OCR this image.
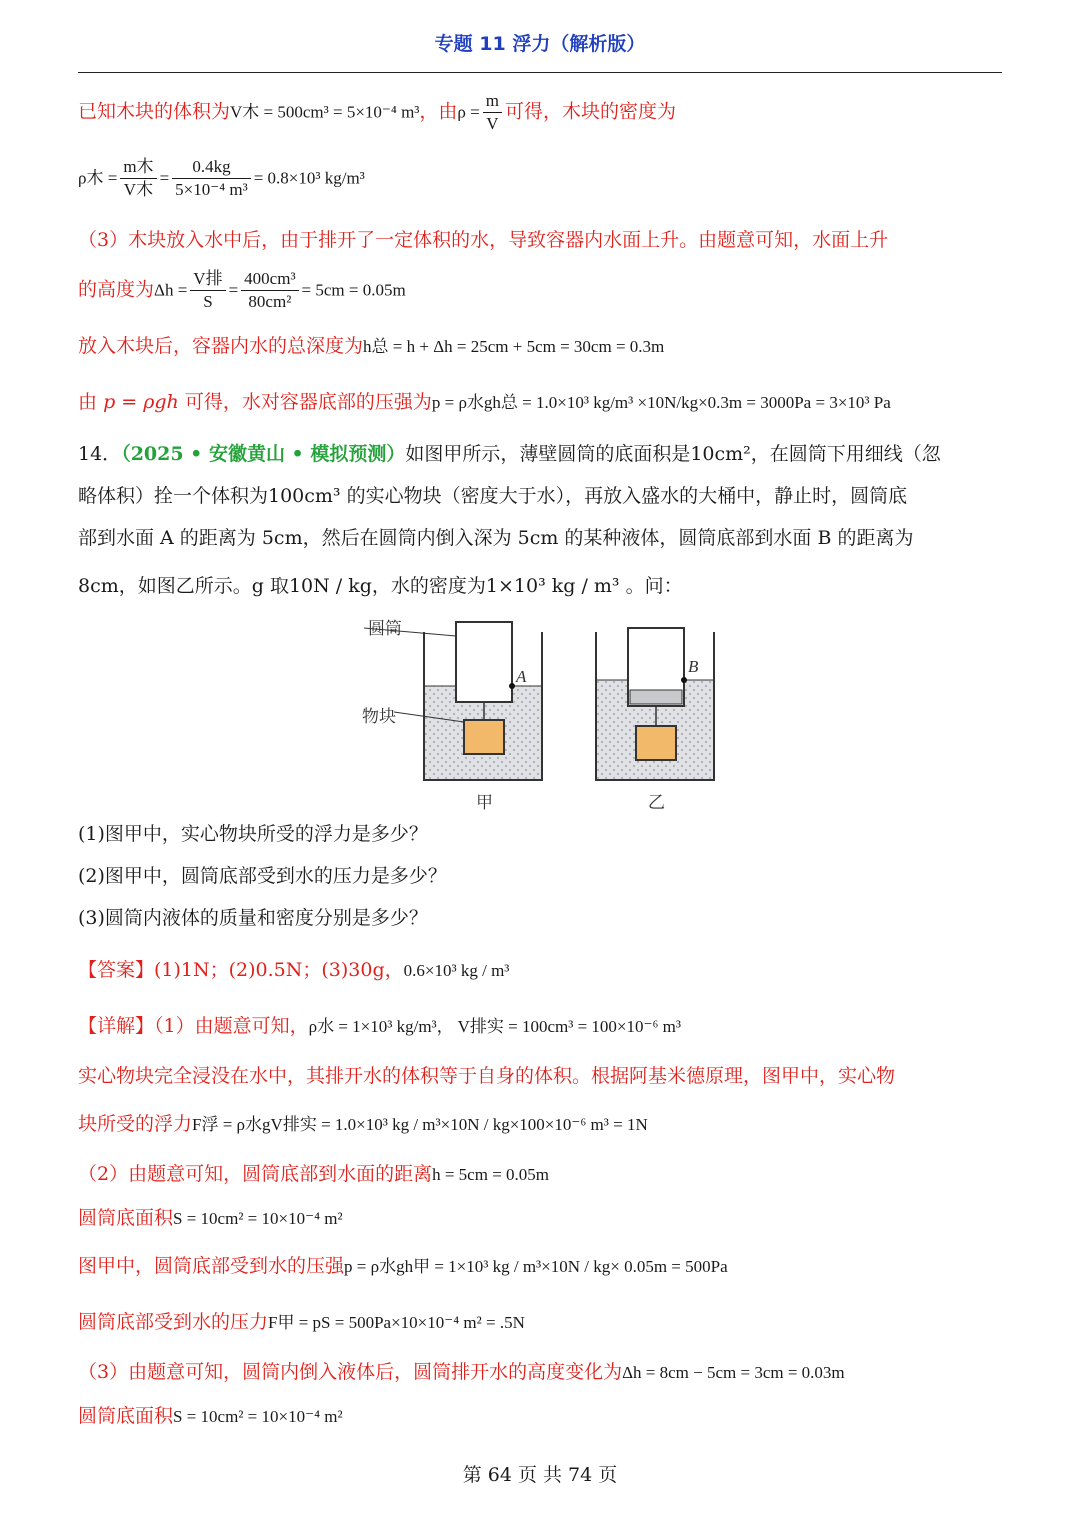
专题 11 浮力（解析版）
已知木块的体积为V木 = 500cm³ = 5×10⁻⁴ m³，由$\rho = \frac{m}{V}$ 可得，木块的密度为
ρ木 = $\frac{\text{m木}}{\text{V木}} = \frac{0.4kg}{\text{5×10⁻⁴ m³}} = 0.8\times 10^3$ kg/m³
（3）木块放入水中后，由于排开了一定体积的水，导致容器内水面上升。由题意可知，水面上升
的高度为$\Delta h = \frac{\text{V排}}{S} = \frac{\text{400cm³}}{\text{80cm²}} = 5cm = 0.05m$
放入木块后，容器内水的总深度为h总 = h + Δh = 25cm + 5cm = 30cm = 0.3m
由 p = ρgh 可得，水对容器底部的压强为p = ρ水gh总 = 1.0×10³ kg/m³ ×10N/kg×0.3m = 3000Pa = 3×10³ Pa
14．（2025 • 安徽黄山 • 模拟预测）如图甲所示，薄壁圆筒的底面积是10cm²，在圆筒下用细线（忽
略体积）拴一个体积为100cm³ 的实心物块（密度大于水），再放入盛水的大桶中，静止时，圆筒底
部到水面 A 的距离为 5cm，然后在圆筒内倒入深为 5cm 的某种液体，圆筒底部到水面 B 的距离为
8cm，如图乙所示。g 取10N / kg，水的密度为1×10³ kg / m³ 。问：
圆筒
物块
A
甲
B
乙
(1)图甲中，实心物块所受的浮力是多少？
(2)图甲中，圆筒底部受到水的压力是多少？
(3)圆筒内液体的质量和密度分别是多少？
【答案】(1)1N；(2)0.5N；(3)30g，0.6×10³ kg / m³
【详解】（1）由题意可知，ρ水 = 1×10³ kg/m³， V排实 = 100cm³ = 100×10⁻⁶ m³
实心物块完全浸没在水中，其排开水的体积等于自身的体积。根据阿基米德原理，图甲中，实心物
块所受的浮力F浮 = ρ水gV排实 = 1.0×10³ kg / m³×10N / kg×100×10⁻⁶ m³ = 1N
（2）由题意可知，圆筒底部到水面的距离h = 5cm = 0.05m
圆筒底面积S = 10cm² = 10×10⁻⁴ m²
图甲中，圆筒底部受到水的压强p = ρ水gh甲 = 1×10³ kg / m³×10N / kg× 0.05m = 500Pa
圆筒底部受到水的压力F甲 = pS = 500Pa×10×10⁻⁴ m² = .5N
（3）由题意可知，圆筒内倒入液体后，圆筒排开水的高度变化为Δh = 8cm − 5cm = 3cm = 0.03m
圆筒底面积S = 10cm² = 10×10⁻⁴ m²
第 64 页 共 74 页
